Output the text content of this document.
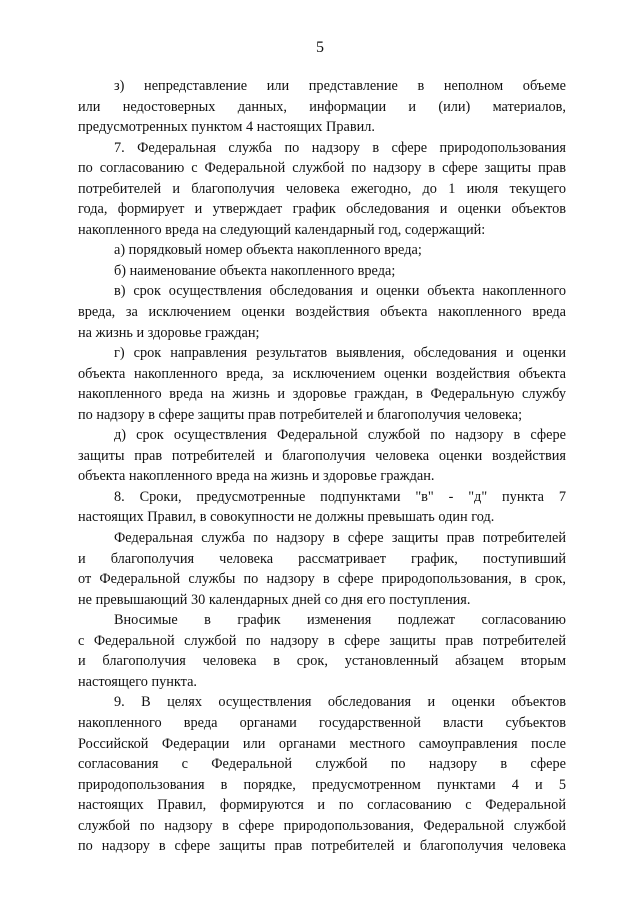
5
з) непредставление или представление в неполном объеме
или недостоверных данных, информации и (или) материалов,
предусмотренных пунктом 4 настоящих Правил.
7. Федеральная служба по надзору в сфере природопользования
по согласованию с Федеральной службой по надзору в сфере защиты прав
потребителей и благополучия человека ежегодно, до 1 июля текущего
года, формирует и утверждает график обследования и оценки объектов
накопленного вреда на следующий календарный год, содержащий:
а) порядковый номер объекта накопленного вреда;
б) наименование объекта накопленного вреда;
в) срок осуществления обследования и оценки объекта накопленного
вреда, за исключением оценки воздействия объекта накопленного вреда
на жизнь и здоровье граждан;
г) срок направления результатов выявления, обследования и оценки
объекта накопленного вреда, за исключением оценки воздействия объекта
накопленного вреда на жизнь и здоровье граждан, в Федеральную службу
по надзору в сфере защиты прав потребителей и благополучия человека;
д) срок осуществления Федеральной службой по надзору в сфере
защиты прав потребителей и благополучия человека оценки воздействия
объекта накопленного вреда на жизнь и здоровье граждан.
8. Сроки, предусмотренные подпунктами "в" - "д" пункта 7
настоящих Правил, в совокупности не должны превышать один год.
Федеральная служба по надзору в сфере защиты прав потребителей
и благополучия человека рассматривает график, поступивший
от Федеральной службы по надзору в сфере природопользования, в срок,
не превышающий 30 календарных дней со дня его поступления.
Вносимые в график изменения подлежат согласованию
с Федеральной службой по надзору в сфере защиты прав потребителей
и благополучия человека в срок, установленный абзацем вторым
настоящего пункта.
9. В целях осуществления обследования и оценки объектов
накопленного вреда органами государственной власти субъектов
Российской Федерации или органами местного самоуправления после
согласования с Федеральной службой по надзору в сфере
природопользования в порядке, предусмотренном пунктами 4 и 5
настоящих Правил, формируются и по согласованию с Федеральной
службой по надзору в сфере природопользования, Федеральной службой
по надзору в сфере защиты прав потребителей и благополучия человека
